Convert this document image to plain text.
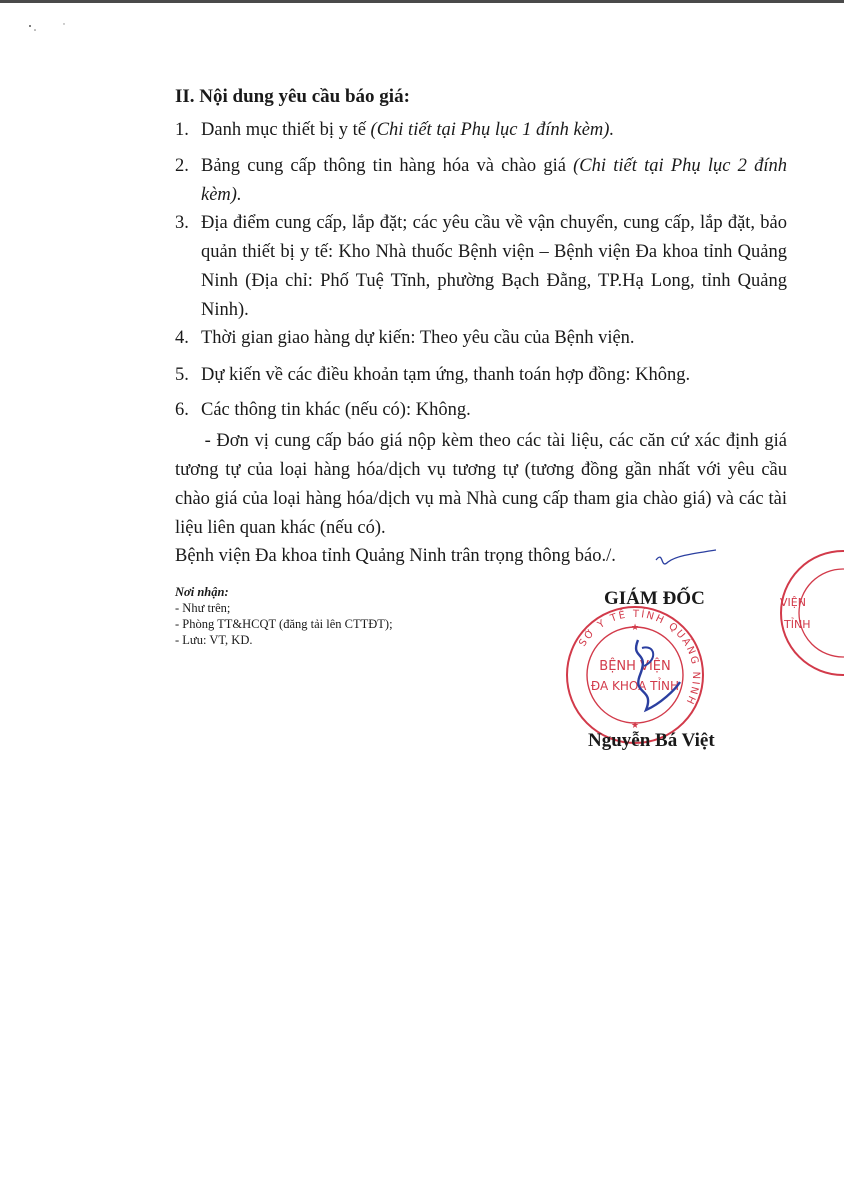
II. Nội dung yêu cầu báo giá:
1. Danh mục thiết bị y tế (Chi tiết tại Phụ lục 1 đính kèm).
2. Bảng cung cấp thông tin hàng hóa và chào giá (Chi tiết tại Phụ lục 2 đính kèm).
3. Địa điểm cung cấp, lắp đặt; các yêu cầu về vận chuyển, cung cấp, lắp đặt, bảo quản thiết bị y tế: Kho Nhà thuốc Bệnh viện – Bệnh viện Đa khoa tỉnh Quảng Ninh (Địa chỉ: Phố Tuệ Tĩnh, phường Bạch Đằng, TP.Hạ Long, tỉnh Quảng Ninh).
4. Thời gian giao hàng dự kiến: Theo yêu cầu của Bệnh viện.
5. Dự kiến về các điều khoản tạm ứng, thanh toán hợp đồng: Không.
6. Các thông tin khác (nếu có): Không.
- Đơn vị cung cấp báo giá nộp kèm theo các tài liệu, các căn cứ xác định giá tương tự của loại hàng hóa/dịch vụ tương tự (tương đồng gần nhất với yêu cầu chào giá của loại hàng hóa/dịch vụ mà Nhà cung cấp tham gia chào giá) và các tài liệu liên quan khác (nếu có).
Bệnh viện Đa khoa tỉnh Quảng Ninh trân trọng thông báo./.
Nơi nhận:
- Như trên;
- Phòng TT&HCQT (đăng tải lên CTTĐT);
- Lưu: VT, KD.
GIÁM ĐỐC
SỞ Y TẾ TỈNH QUẢNG NINH
BỆNH VIỆN
ĐA KHOA TỈNH
★
★
Nguyễn Bá Việt
VIỆN
TỈNH
